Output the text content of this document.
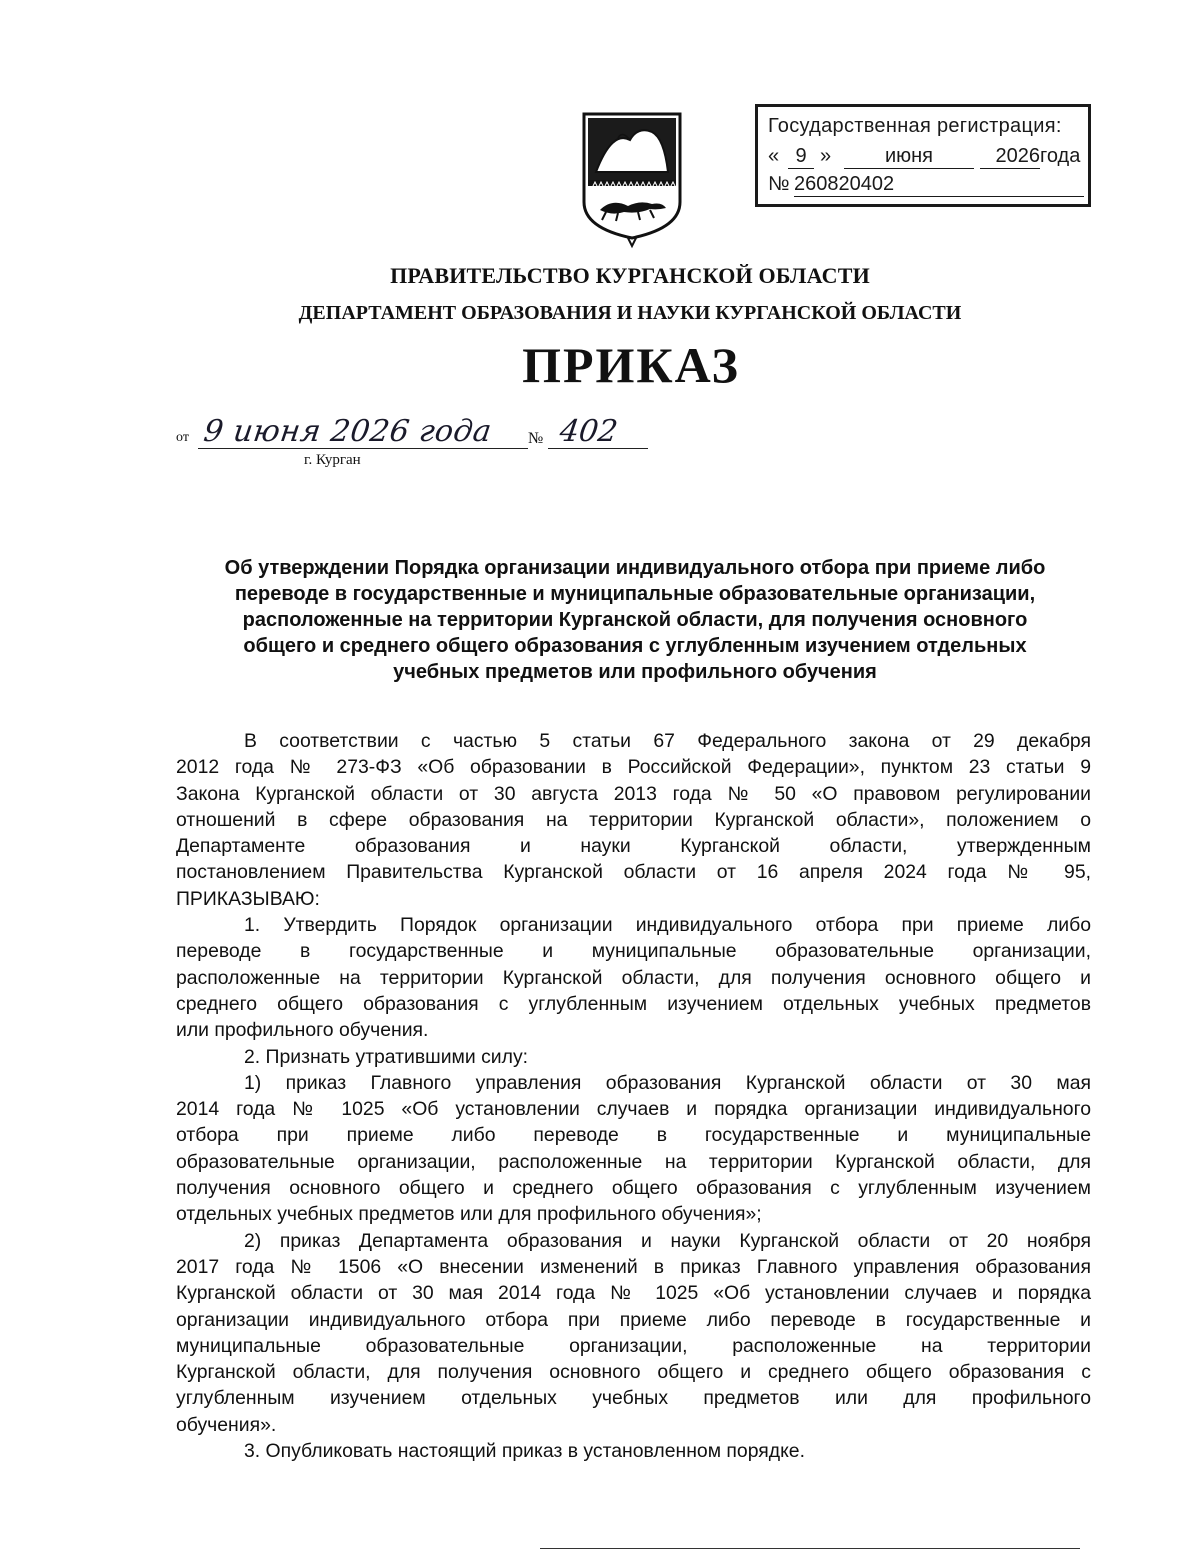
Государственная регистрация:
« 9 »	июня	2026 года
№ 260820402
ПРАВИТЕЛЬСТВО КУРГАНСКОЙ ОБЛАСТИ
ДЕПАРТАМЕНТ ОБРАЗОВАНИЯ И НАУКИ КУРГАНСКОЙ ОБЛАСТИ
ПРИКАЗ
от 9 июня 2026 года № 402
г. Курган
Об утверждении Порядка организации индивидуального отбора при приеме либо
переводе в государственные и муниципальные образовательные организации,
расположенные на территории Курганской области, для получения основного
общего и среднего общего образования с углубленным изучением отдельных
учебных предметов или профильного обучения
В соответствии с частью 5 статьи 67 Федерального закона от 29 декабря
2012 года № 273-ФЗ «Об образовании в Российской Федерации», пунктом 23 статьи 9
Закона Курганской области от 30 августа 2013 года № 50 «О правовом регулировании
отношений в сфере образования на территории Курганской области», положением о
Департаменте образования и науки Курганской области, утвержденным
постановлением Правительства Курганской области от 16 апреля 2024 года № 95,
ПРИКАЗЫВАЮ:
1. Утвердить Порядок организации индивидуального отбора при приеме либо
переводе в государственные и муниципальные образовательные организации,
расположенные на территории Курганской области, для получения основного общего и
среднего общего образования с углубленным изучением отдельных учебных предметов
или профильного обучения.
2. Признать утратившими силу:
1) приказ Главного управления образования Курганской области от 30 мая
2014 года № 1025 «Об установлении случаев и порядка организации индивидуального
отбора при приеме либо переводе в государственные и муниципальные
образовательные организации, расположенные на территории Курганской области, для
получения основного общего и среднего общего образования с углубленным изучением
отдельных учебных предметов или для профильного обучения»;
2) приказ Департамента образования и науки Курганской области от 20 ноября
2017 года № 1506 «О внесении изменений в приказ Главного управления образования
Курганской области от 30 мая 2014 года № 1025 «Об установлении случаев и порядка
организации индивидуального отбора при приеме либо переводе в государственные и
муниципальные образовательные организации, расположенные на территории
Курганской области, для получения основного общего и среднего общего образования с
углубленным изучением отдельных учебных предметов или для профильного
обучения».
3. Опубликовать настоящий приказ в установленном порядке.
